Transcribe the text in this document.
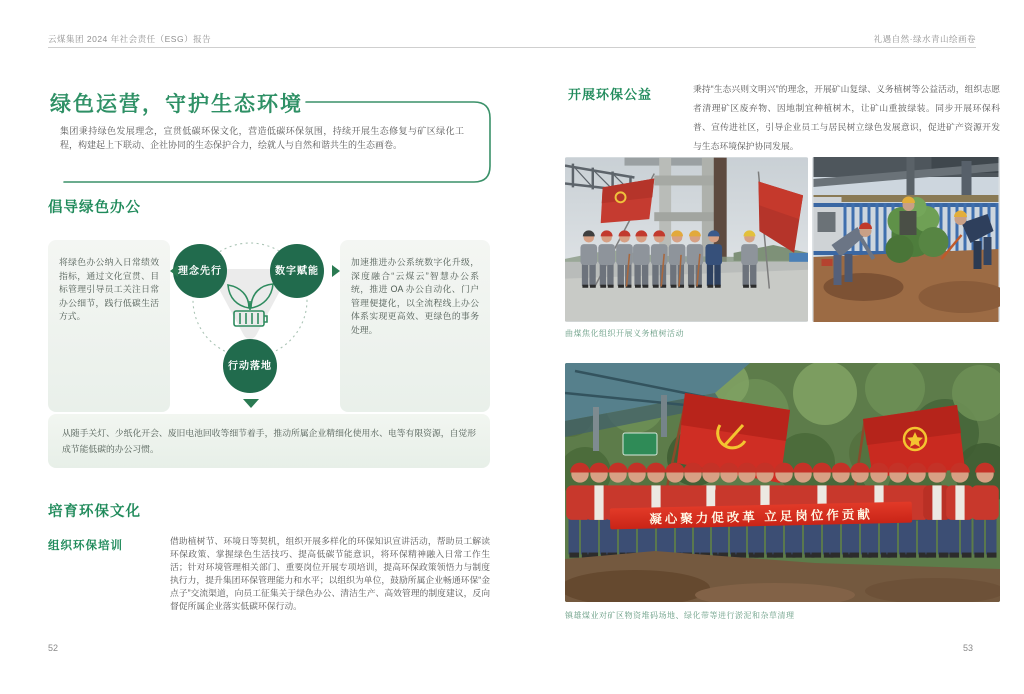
云煤集团 2024 年社会责任（ESG）报告	礼遇自然·绿水青山绘画卷
绿色运营，守护生态环境
集团秉持绿色发展理念，宣贯低碳环保文化，营造低碳环保氛围，持续开展生态修复与矿区绿化工程，构建起上下联动、企社协同的生态保护合力，绘就人与自然和谐共生的生态画卷。
倡导绿色办公
将绿色办公纳入日常绩效指标，通过文化宣贯、目标管理引导员工关注日常办公细节，践行低碳生活方式。
加速推进办公系统数字化升级，深度融合“云煤云”智慧办公系统，推进 OA 办公自动化、门户管理便捷化，以全流程线上办公体系实现更高效、更绿色的事务处理。
理念先行	数字赋能
行动落地
从随手关灯、少纸化开会、废旧电池回收等细节着手，推动所属企业精细化使用水、电等有限资源，自觉形成节能低碳的办公习惯。
培育环保文化
组织环保培训	借助植树节、环境日等契机，组织开展多样化的环保知识宣讲活动，帮助员工解读环保政策、掌握绿色生活技巧、提高低碳节能意识，将环保精神融入日常工作生活；针对环境管理相关部门、重要岗位开展专项培训，提高环保政策领悟力与制度执行力，提升集团环保管理能力和水平；以组织为单位，鼓励所属企业畅通环保“金点子”交流渠道，向员工征集关于绿色办公、清洁生产、高效管理的制度建议，反向督促所属企业落实低碳环保行动。
52
开展环保公益	秉持“生态兴则文明兴”的理念，开展矿山复绿、义务植树等公益活动，组织志愿者清理矿区废弃物、因地制宜种植树木，让矿山重披绿装。同步开展环保科普、宣传进社区，引导企业员工与居民树立绿色发展意识，促进矿产资源开发与生态环境保护协同发展。
曲煤焦化组织开展义务植树活动
凝心聚力促改革 立足岗位作贡献
镇雄煤业对矿区物资堆码场地、绿化带等进行淤泥和杂草清理
53
